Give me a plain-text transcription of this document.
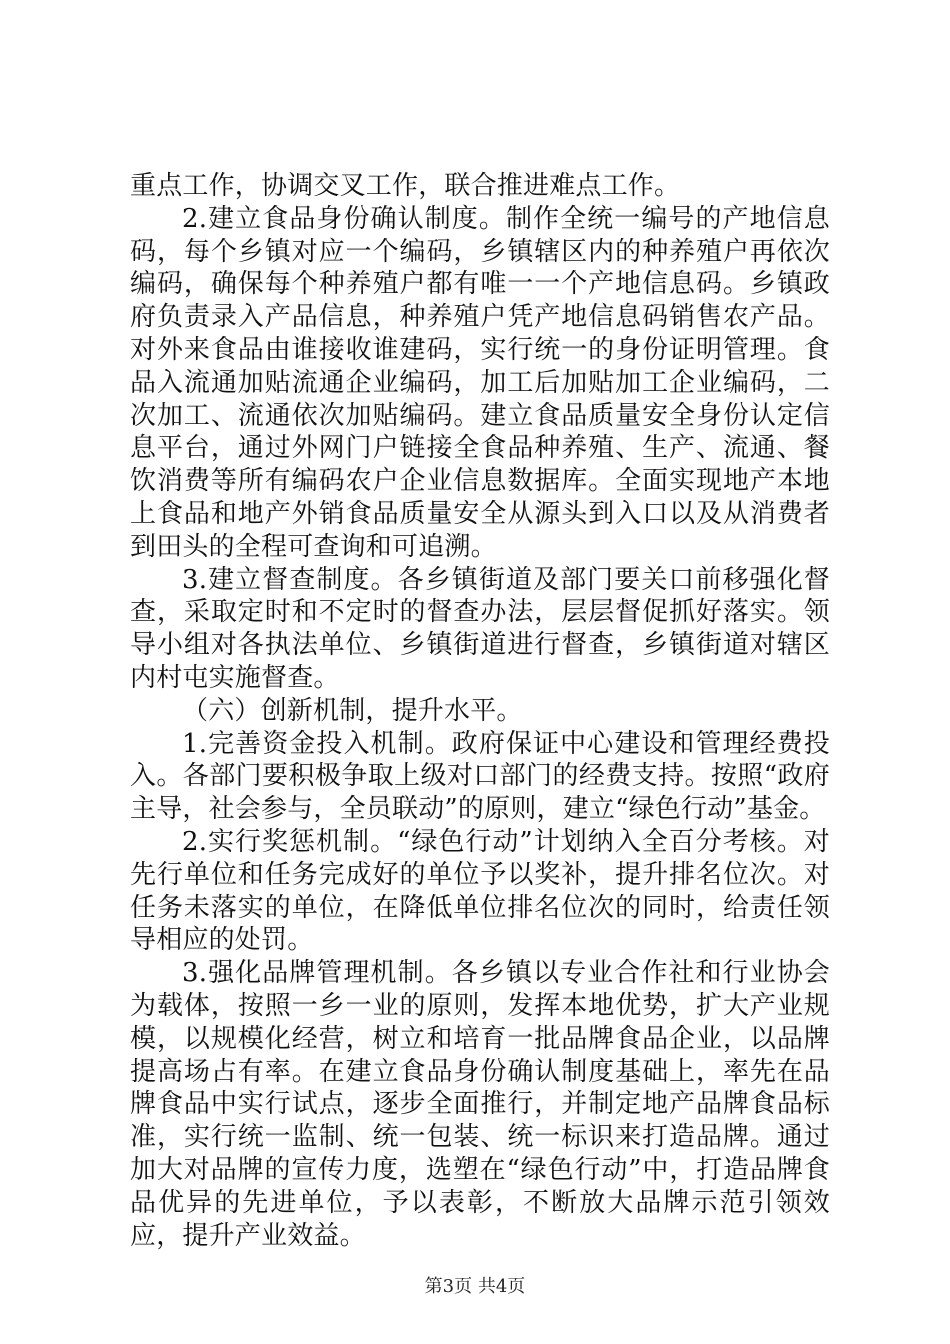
重点工作，协调交叉工作，联合推进难点工作。

2.建立食品身份确认制度。制作全统一编号的产地信息码，每个乡镇对应一个编码，乡镇辖区内的种养殖户再依次编码，确保每个种养殖户都有唯一一个产地信息码。乡镇政府负责录入产品信息，种养殖户凭产地信息码销售农产品。对外来食品由谁接收谁建码，实行统一的身份证明管理。食品入流通加贴流通企业编码，加工后加贴加工企业编码，二次加工、流通依次加贴编码。建立食品质量安全身份认定信息平台，通过外网门户链接全食品种养殖、生产、流通、餐饮消费等所有编码农户企业信息数据库。全面实现地产本地上食品和地产外销食品质量安全从源头到入口以及从消费者到田头的全程可查询和可追溯。

3.建立督查制度。各乡镇街道及部门要关口前移强化督查，采取定时和不定时的督查办法，层层督促抓好落实。领导小组对各执法单位、乡镇街道进行督查，乡镇街道对辖区内村屯实施督查。

（六）创新机制，提升水平。

1.完善资金投入机制。政府保证中心建设和管理经费投入。各部门要积极争取上级对口部门的经费支持。按照“政府主导，社会参与，全员联动”的原则，建立“绿色行动”基金。

2.实行奖惩机制。“绿色行动”计划纳入全百分考核。对先行单位和任务完成好的单位予以奖补，提升排名位次。对任务未落实的单位，在降低单位排名位次的同时，给责任领导相应的处罚。

3.强化品牌管理机制。各乡镇以专业合作社和行业协会为载体，按照一乡一业的原则，发挥本地优势，扩大产业规模，以规模化经营，树立和培育一批品牌食品企业，以品牌提高场占有率。在建立食品身份确认制度基础上，率先在品牌食品中实行试点，逐步全面推行，并制定地产品牌食品标准，实行统一监制、统一包装、统一标识来打造品牌。通过加大对品牌的宣传力度，选塑在“绿色行动”中，打造品牌食品优异的先进单位，予以表彰，不断放大品牌示范引领效应，提升产业效益。

第3页 共4页
